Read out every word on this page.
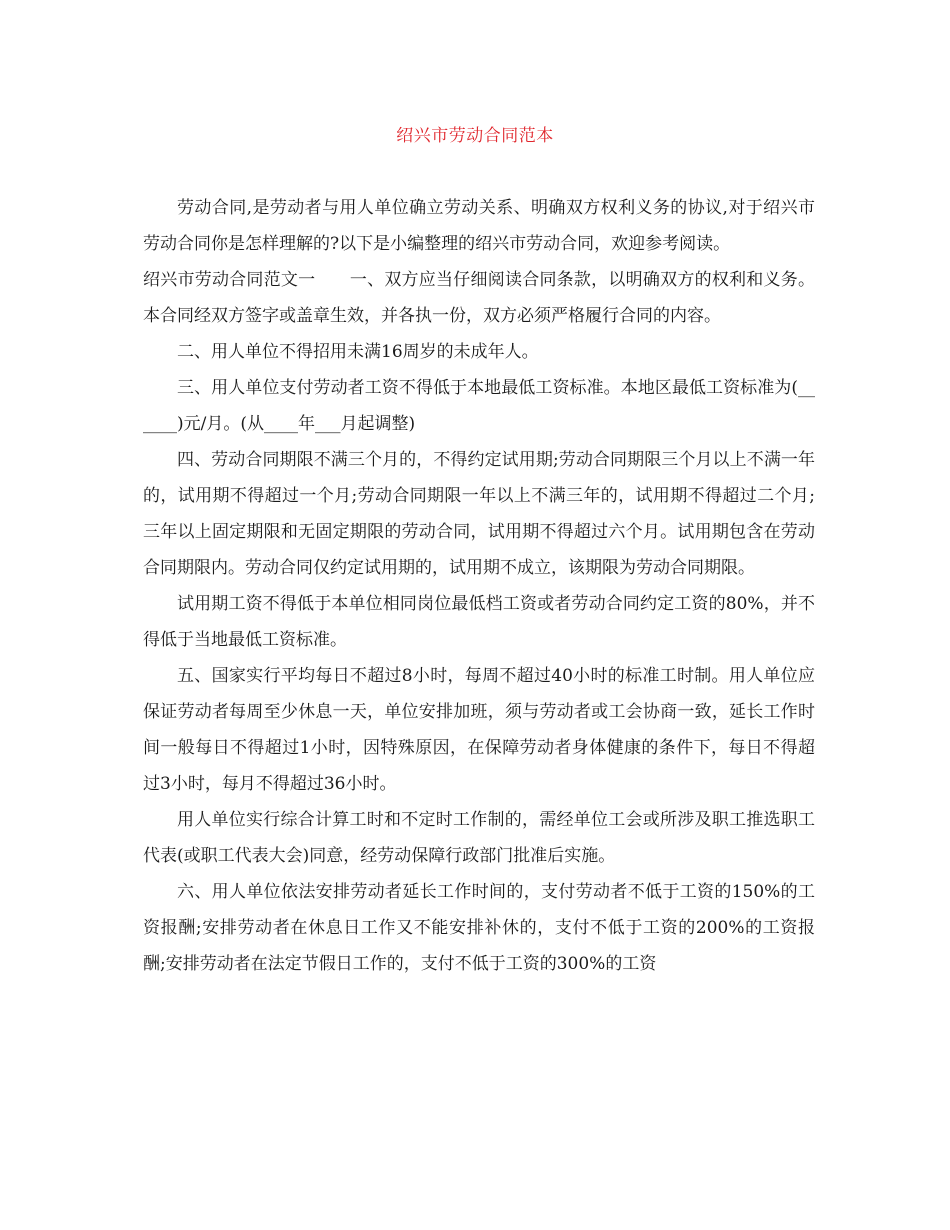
绍兴市劳动合同范本

劳动合同,是劳动者与用人单位确立劳动关系、明确双方权利义务的协议,对于绍兴市劳动合同你是怎样理解的?以下是小编整理的绍兴市劳动合同，欢迎参考阅读。

绍兴市劳动合同范文一　　一、双方应当仔细阅读合同条款，以明确双方的权利和义务。本合同经双方签字或盖章生效，并各执一份，双方必须严格履行合同的内容。

二、用人单位不得招用未满16周岁的未成年人。

三、用人单位支付劳动者工资不得低于本地最低工资标准。本地区最低工资标准为(______)元/月。(从____年___月起调整)

四、劳动合同期限不满三个月的，不得约定试用期;劳动合同期限三个月以上不满一年的，试用期不得超过一个月;劳动合同期限一年以上不满三年的，试用期不得超过二个月;三年以上固定期限和无固定期限的劳动合同，试用期不得超过六个月。试用期包含在劳动合同期限内。劳动合同仅约定试用期的，试用期不成立，该期限为劳动合同期限。

试用期工资不得低于本单位相同岗位最低档工资或者劳动合同约定工资的80%，并不得低于当地最低工资标准。

五、国家实行平均每日不超过8小时，每周不超过40小时的标准工时制。用人单位应保证劳动者每周至少休息一天，单位安排加班，须与劳动者或工会协商一致，延长工作时间一般每日不得超过1小时，因特殊原因，在保障劳动者身体健康的条件下，每日不得超过3小时，每月不得超过36小时。

用人单位实行综合计算工时和不定时工作制的，需经单位工会或所涉及职工推选职工代表(或职工代表大会)同意，经劳动保障行政部门批准后实施。

六、用人单位依法安排劳动者延长工作时间的，支付劳动者不低于工资的150%的工资报酬;安排劳动者在休息日工作又不能安排补休的，支付不低于工资的200%的工资报酬;安排劳动者在法定节假日工作的，支付不低于工资的300%的工资
